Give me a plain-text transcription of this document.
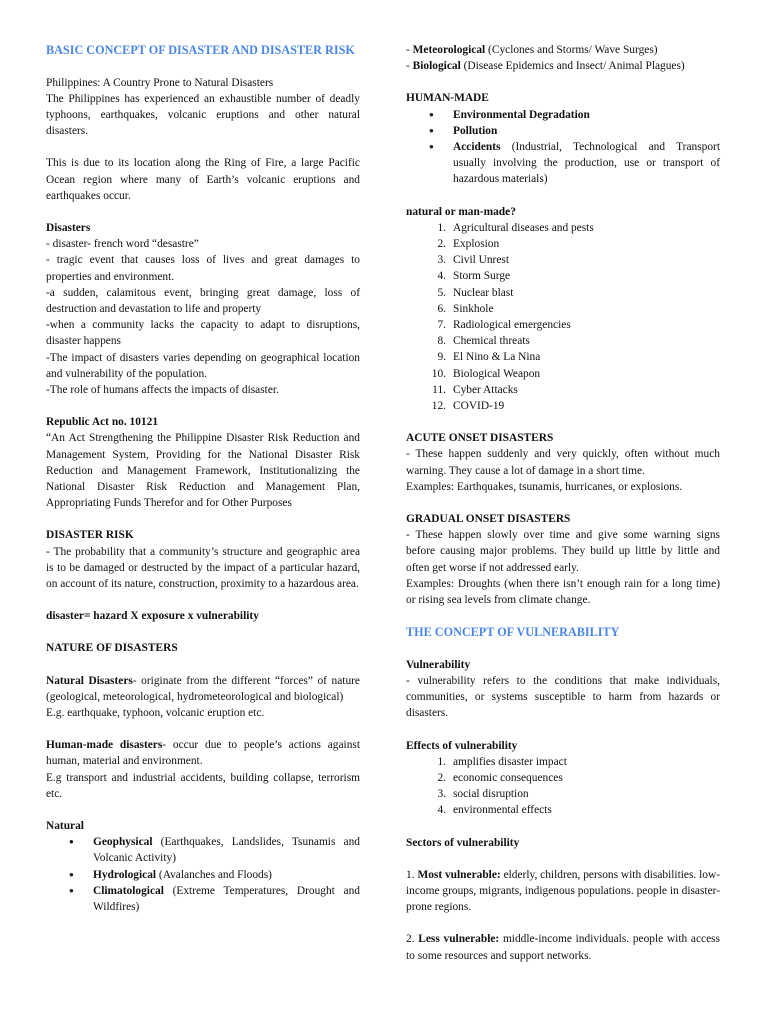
BASIC CONCEPT OF DISASTER AND DISASTER RISK

Philippines: A Country Prone to Natural Disasters

The Philippines has experienced an exhaustible number of deadly typhoons, earthquakes, volcanic eruptions and other natural disasters.

This is due to its location along the Ring of Fire, a large Pacific Ocean region where many of Earth’s volcanic eruptions and earthquakes occur.

Disasters

- disaster- french word “desastre”

- tragic event that causes loss of lives and great damages to properties and environment.

-a sudden, calamitous event, bringing great damage, loss of destruction and devastation to life and property

-when a community lacks the capacity to adapt to disruptions, disaster happens

-The impact of disasters varies depending on geographical location and vulnerability of the population.

-The role of humans affects the impacts of disaster.

Republic Act no. 10121

“An Act Strengthening the Philippine Disaster Risk Reduction and Management System, Providing for the National Disaster Risk Reduction and Management Framework, Institutionalizing the National Disaster Risk Reduction and Management Plan, Appropriating Funds Therefor and for Other Purposes

DISASTER RISK

- The probability that a community’s structure and geographic area is to be damaged or destructed by the impact of a particular hazard, on account of its nature, construction, proximity to a hazardous area.

disaster= hazard X exposure x vulnerability

NATURE OF DISASTERS

Natural Disasters- originate from the different “forces” of nature (geological, meteorological, hydrometeorological and biological)

E.g. earthquake, typhoon, volcanic eruption etc.

Human-made disasters- occur due to people’s actions against human, material and environment.

E.g transport and industrial accidents, building collapse, terrorism etc.

Natural

● Geophysical (Earthquakes, Landslides, Tsunamis and Volcanic Activity)
● Hydrological (Avalanches and Floods)
● Climatological (Extreme Temperatures, Drought and Wildfires)

- Meteorological (Cyclones and Storms/ Wave Surges)

- Biological (Disease Epidemics and Insect/ Animal Plagues)

HUMAN-MADE

● Environmental Degradation
● Pollution
● Accidents (Industrial, Technological and Transport usually involving the production, use or transport of hazardous materials)

natural or man-made?

1. Agricultural diseases and pests
2. Explosion
3. Civil Unrest
4. Storm Surge
5. Nuclear blast
6. Sinkhole
7. Radiological emergencies
8. Chemical threats
9. El Nino & La Nina
10. Biological Weapon
11. Cyber Attacks
12. COVID-19

ACUTE ONSET DISASTERS

- These happen suddenly and very quickly, often without much warning. They cause a lot of damage in a short time.

Examples: Earthquakes, tsunamis, hurricanes, or explosions.

GRADUAL ONSET DISASTERS

- These happen slowly over time and give some warning signs before causing major problems. They build up little by little and often get worse if not addressed early.

Examples: Droughts (when there isn’t enough rain for a long time) or rising sea levels from climate change.

THE CONCEPT OF VULNERABILITY

Vulnerability

- vulnerability refers to the conditions that make individuals, communities, or systems susceptible to harm from hazards or disasters.

Effects of vulnerability

1. amplifies disaster impact
2. economic consequences
3. social disruption
4. environmental effects

Sectors of vulnerability

1. Most vulnerable: elderly, children, persons with disabilities. low-income groups, migrants, indigenous populations. people in disaster-prone regions.

2. Less vulnerable: middle-income individuals. people with access to some resources and support networks.
